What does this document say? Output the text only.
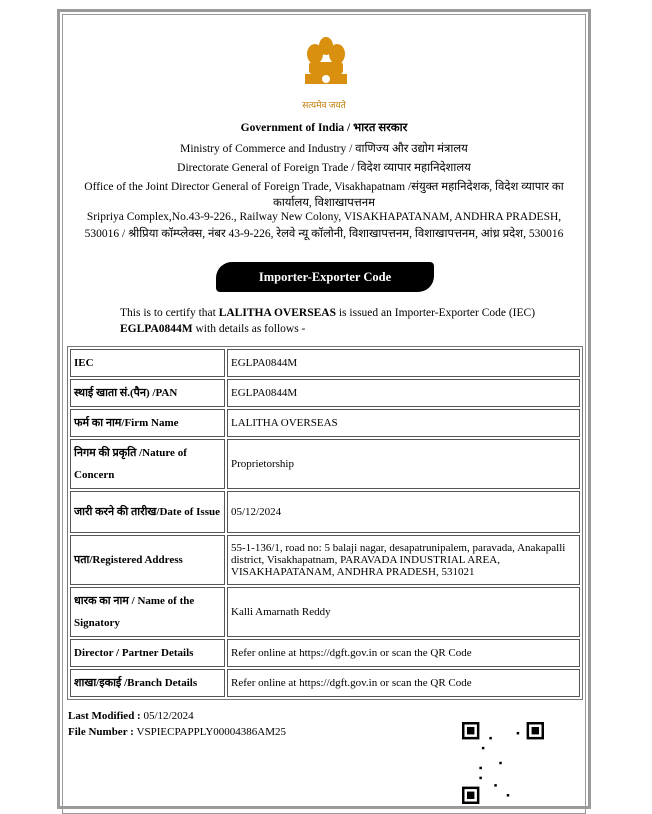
सत्यमेव जयते
Government of India / भारत सरकार
Ministry of Commerce and Industry / वाणिज्य और उद्योग मंत्रालय
Directorate General of Foreign Trade / विदेश व्यापार महानिदेशालय
Office of the Joint Director General of Foreign Trade, Visakhapatnam /संयुक्त महानिदेशक, विदेश व्यापार का
कार्यालय, विशाखापत्तनम
Sripriya Complex,No.43-9-226., Railway New Colony, VISAKHAPATANAM, ANDHRA PRADESH,
530016 / श्रीप्रिया कॉम्प्लेक्स, नंबर 43-9-226, रेलवे न्यू कॉलोनी, विशाखापत्तनम, विशाखापत्तनम, आंध्र प्रदेश, 530016
Importer-Exporter Code
This is to certify that LALITHA OVERSEAS is issued an Importer-Exporter Code (IEC) EGLPA0844M with details as follows -
IEC	EGLPA0844M
स्थाई खाता सं.(पैन) /PAN	EGLPA0844M
फर्म का नाम/Firm Name	LALITHA OVERSEAS
निगम की प्रकृति /Nature of Concern	Proprietorship
जारी करने की तारीख/Date of Issue	05/12/2024
पता/Registered Address	55-1-136/1, road no: 5 balaji nagar, desapatrunipalem, paravada, Anakapalli district, Visakhapatnam, PARAVADA INDUSTRIAL AREA, VISAKHAPATANAM, ANDHRA PRADESH, 531021
धारक का नाम / Name of the Signatory	Kalli Amarnath Reddy
Director / Partner Details	Refer online at https://dgft.gov.in or scan the QR Code
शाखा/इकाई /Branch Details	Refer online at https://dgft.gov.in or scan the QR Code
Last Modified : 05/12/2024
File Number : VSPIECPAPPLY00004386AM25
